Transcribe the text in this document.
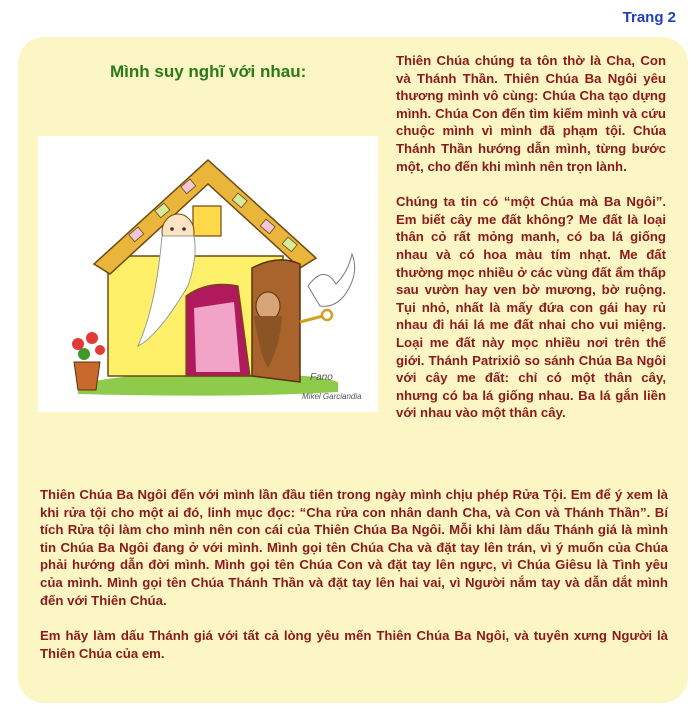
Trang 2
Mình suy nghĩ với nhau:
Fano
Mikel Garciandia

Thiên Chúa chúng ta tôn thờ là Cha, Con và Thánh Thần. Thiên Chúa Ba Ngôi yêu thương mình vô cùng: Chúa Cha tạo dựng mình. Chúa Con đến tìm kiếm mình và cứu chuộc mình vì mình đã phạm tội. Chúa Thánh Thần hướng dẫn mình, từng bước một, cho đến khi mình nên trọn lành.

Chúng ta tin có “một Chúa mà Ba Ngôi”. Em biết cây me đất không? Me đất là loại thân cỏ rất mỏng manh, có ba lá giống nhau và có hoa màu tím nhạt. Me đất thường mọc nhiều ở các vùng đất ẩm thấp sau vườn hay ven bờ mương, bờ ruộng. Tụi nhỏ, nhất là mấy đứa con gái hay rủ nhau đi hái lá me đất nhai cho vui miệng. Loại me đất này mọc nhiều nơi trên thế giới. Thánh Patrixiô so sánh Chúa Ba Ngôi với cây me đất: chỉ có một thân cây, nhưng có ba lá giống nhau. Ba lá gắn liền với nhau vào một thân cây.

Thiên Chúa Ba Ngôi đến với mình lần đầu tiên trong ngày mình chịu phép Rửa Tội. Em để ý xem là khi rửa tội cho một ai đó, linh mục đọc: “Cha rửa con nhân danh Cha, và Con và Thánh Thần”. Bí tích Rửa tội làm cho mình nên con cái của Thiên Chúa Ba Ngôi. Mỗi khi làm dấu Thánh giá là mình tin Chúa Ba Ngôi đang ở với mình. Mình gọi tên Chúa Cha và đặt tay lên trán, vì ý muốn của Chúa phải hướng dẫn đời mình. Mình gọi tên Chúa Con và đặt tay lên ngực, vì Chúa Giêsu là Tình yêu của mình. Mình gọi tên Chúa Thánh Thần và đặt tay lên hai vai, vì Người nắm tay và dẫn dắt mình đến với Thiên Chúa.

Em hãy làm dấu Thánh giá với tất cả lòng yêu mến Thiên Chúa Ba Ngôi, và tuyên xưng Người là Thiên Chúa của em.
